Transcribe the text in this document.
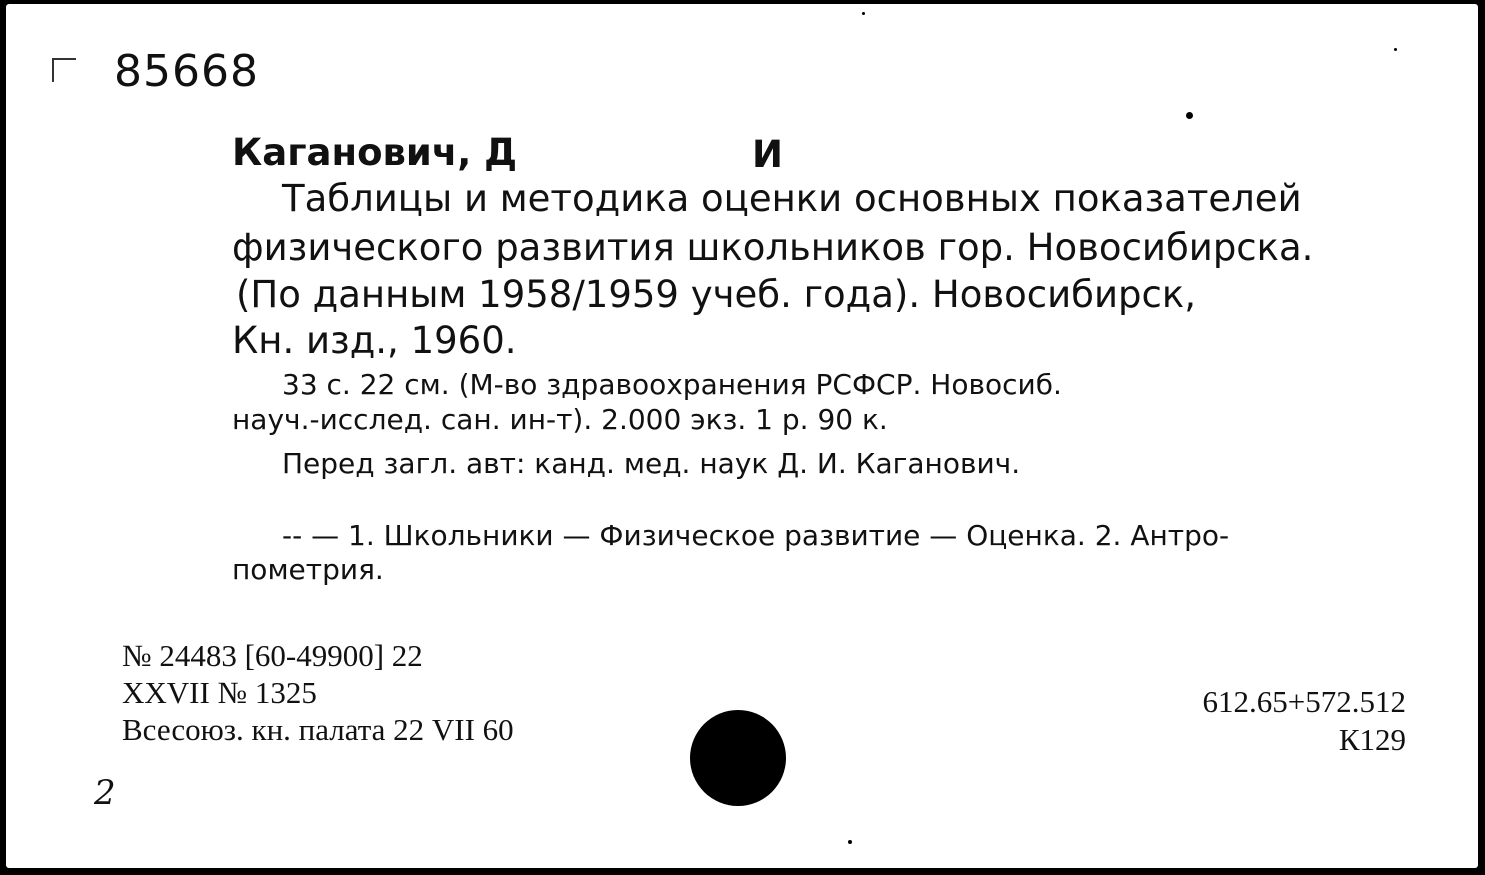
85668
Каганович, Д	И
Таблицы и методика оценки основных показателей
физического развития школьников гор. Новосибирска.
(По данным 1958/1959 учеб. года). Новосибирск,
Кн. изд., 1960.
33 с. 22 см. (М-во здравоохранения РСФСР. Новосиб.
науч.-исслед. сан. ин-т). 2.000 экз. 1 р. 90 к.
Перед загл. авт: канд. мед. наук Д. И. Каганович.
-- — 1. Школьники — Физическое развитие — Оценка. 2. Антро-
пометрия.
№ 24483 [60-49900] 22
XXVII № 1325
Всесоюз. кн. палата 22 VII 60
612.65+572.512
К129
2
